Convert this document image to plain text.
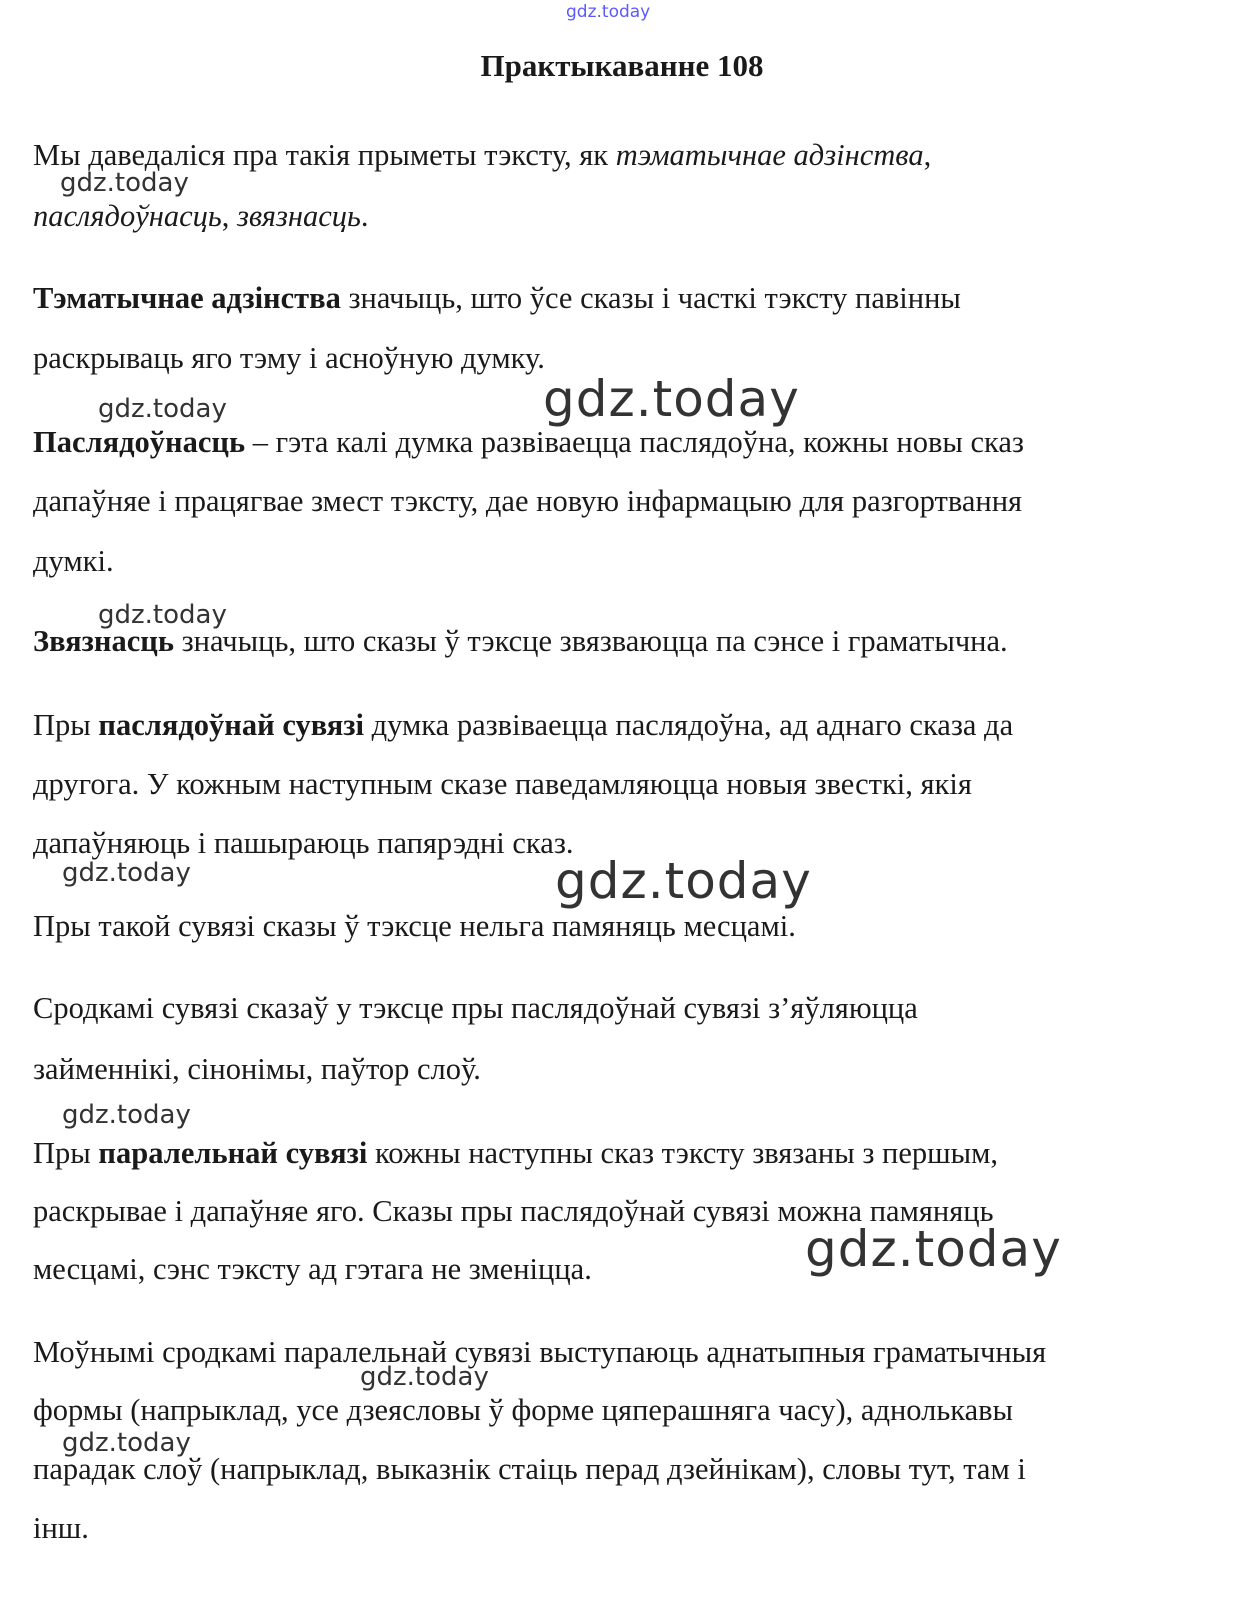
gdz.today
gdz.today
gdz.today	gdz.today
gdz.today
gdz.today	gdz.today
gdz.today
gdz.today
gdz.today
gdz.today
Практыкаванне 108
Мы даведаліся пра такія прыметы тэксту, як тэматычнае адзінства,
паслядоўнасць, звязнасць.
Тэматычнае адзінства значыць, што ўсе сказы і часткі тэксту павінны
раскрываць яго тэму і асноўную думку.
Паслядоўнасць – гэта калі думка развіваецца паслядоўна, кожны новы сказ
дапаўняе і працягвае змест тэксту, дае новую інфармацыю для разгортвання
думкі.
Звязнасць значыць, што сказы ў тэксце звязваюцца па сэнсе і граматычна.
Пры паслядоўнай сувязі думка развіваецца паслядоўна, ад аднаго сказа да
другога. У кожным наступным сказе паведамляюцца новыя звесткі, якія
дапаўняюць і пашыраюць папярэдні сказ.
Пры такой сувязі сказы ў тэксце нельга памяняць месцамі.
Сродкамі сувязі сказаў у тэксце пры паслядоўнай сувязі з’яўляюцца
займеннікі, сінонімы, паўтор слоў.
Пры паралельнай сувязі кожны наступны сказ тэксту звязаны з першым,
раскрывае і дапаўняе яго. Сказы пры паслядоўнай сувязі можна памяняць
месцамі, сэнс тэксту ад гэтага не зменіцца.
Моўнымі сродкамі паралельнай сувязі выступаюць аднатыпныя граматычныя
формы (напрыклад, усе дзеясловы ў форме цяперашняга часу), аднолькавы
парадак слоў (напрыклад, выказнік стаіць перад дзейнікам), словы тут, там і
інш.
